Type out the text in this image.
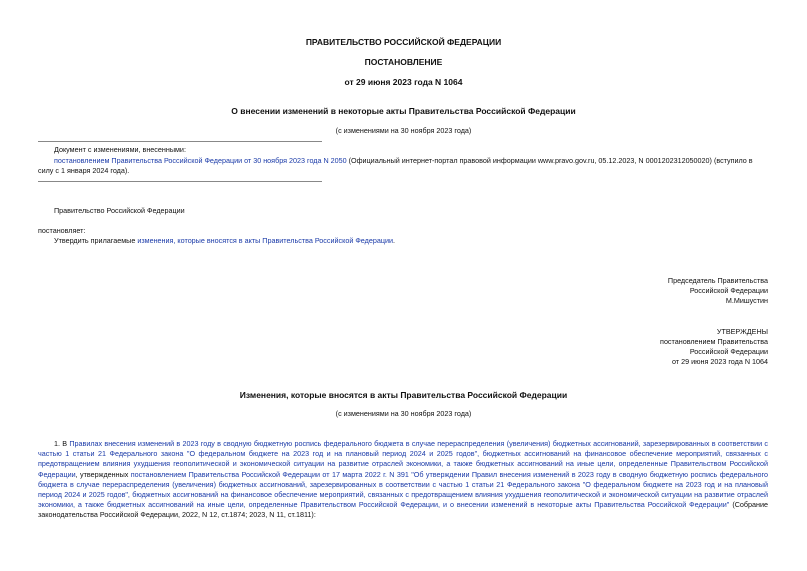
ПРАВИТЕЛЬСТВО РОССИЙСКОЙ ФЕДЕРАЦИИ
ПОСТАНОВЛЕНИЕ
от 29 июня 2023 года N 1064
О внесении изменений в некоторые акты Правительства Российской Федерации
(с изменениями на 30 ноября 2023 года)
Документ с изменениями, внесенными:
постановлением Правительства Российской Федерации от 30 ноября 2023 года N 2050 (Официальный интернет-портал правовой информации www.pravo.gov.ru, 05.12.2023, N 0001202312050020) (вступило в
силу с 1 января 2024 года).
Правительство Российской Федерации
постановляет:
Утвердить прилагаемые изменения, которые вносятся в акты Правительства Российской Федерации.
Председатель Правительства
Российской Федерации
М.Мишустин
УТВЕРЖДЕНЫ
постановлением Правительства
Российской Федерации
от 29 июня 2023 года N 1064
Изменения, которые вносятся в акты Правительства Российской Федерации
(с изменениями на 30 ноября 2023 года)
1. В Правилах внесения изменений в 2023 году в сводную бюджетную роспись федерального бюджета в случае перераспределения (увеличения) бюджетных ассигнований, зарезервированных в соответствии с частью 1 статьи 21 Федерального закона "О федеральном бюджете на 2023 год и на плановый период 2024 и 2025 годов", бюджетных ассигнований на финансовое обеспечение мероприятий, связанных с предотвращением влияния ухудшения геополитической и экономической ситуации на развитие отраслей экономики, а также бюджетных ассигнований на иные цели, определенные Правительством Российской Федерации, утвержденных постановлением Правительства Российской Федерации от 17 марта 2022 г. N 391 "Об утверждении Правил внесения изменений в 2023 году в сводную бюджетную роспись федерального бюджета в случае перераспределения (увеличения) бюджетных ассигнований, зарезервированных в соответствии с частью 1 статьи 21 Федерального закона "О федеральном бюджете на 2023 год и на плановый период 2024 и 2025 годов", бюджетных ассигнований на финансовое обеспечение мероприятий, связанных с предотвращением влияния ухудшения геополитической и экономической ситуации на развитие отраслей экономики, а также бюджетных ассигнований на иные цели, определенные Правительством Российской Федерации, и о внесении изменений в некоторые акты Правительства Российской Федерации" (Собрание законодательства Российской Федерации, 2022, N 12, ст.1874; 2023, N 11, ст.1811):
